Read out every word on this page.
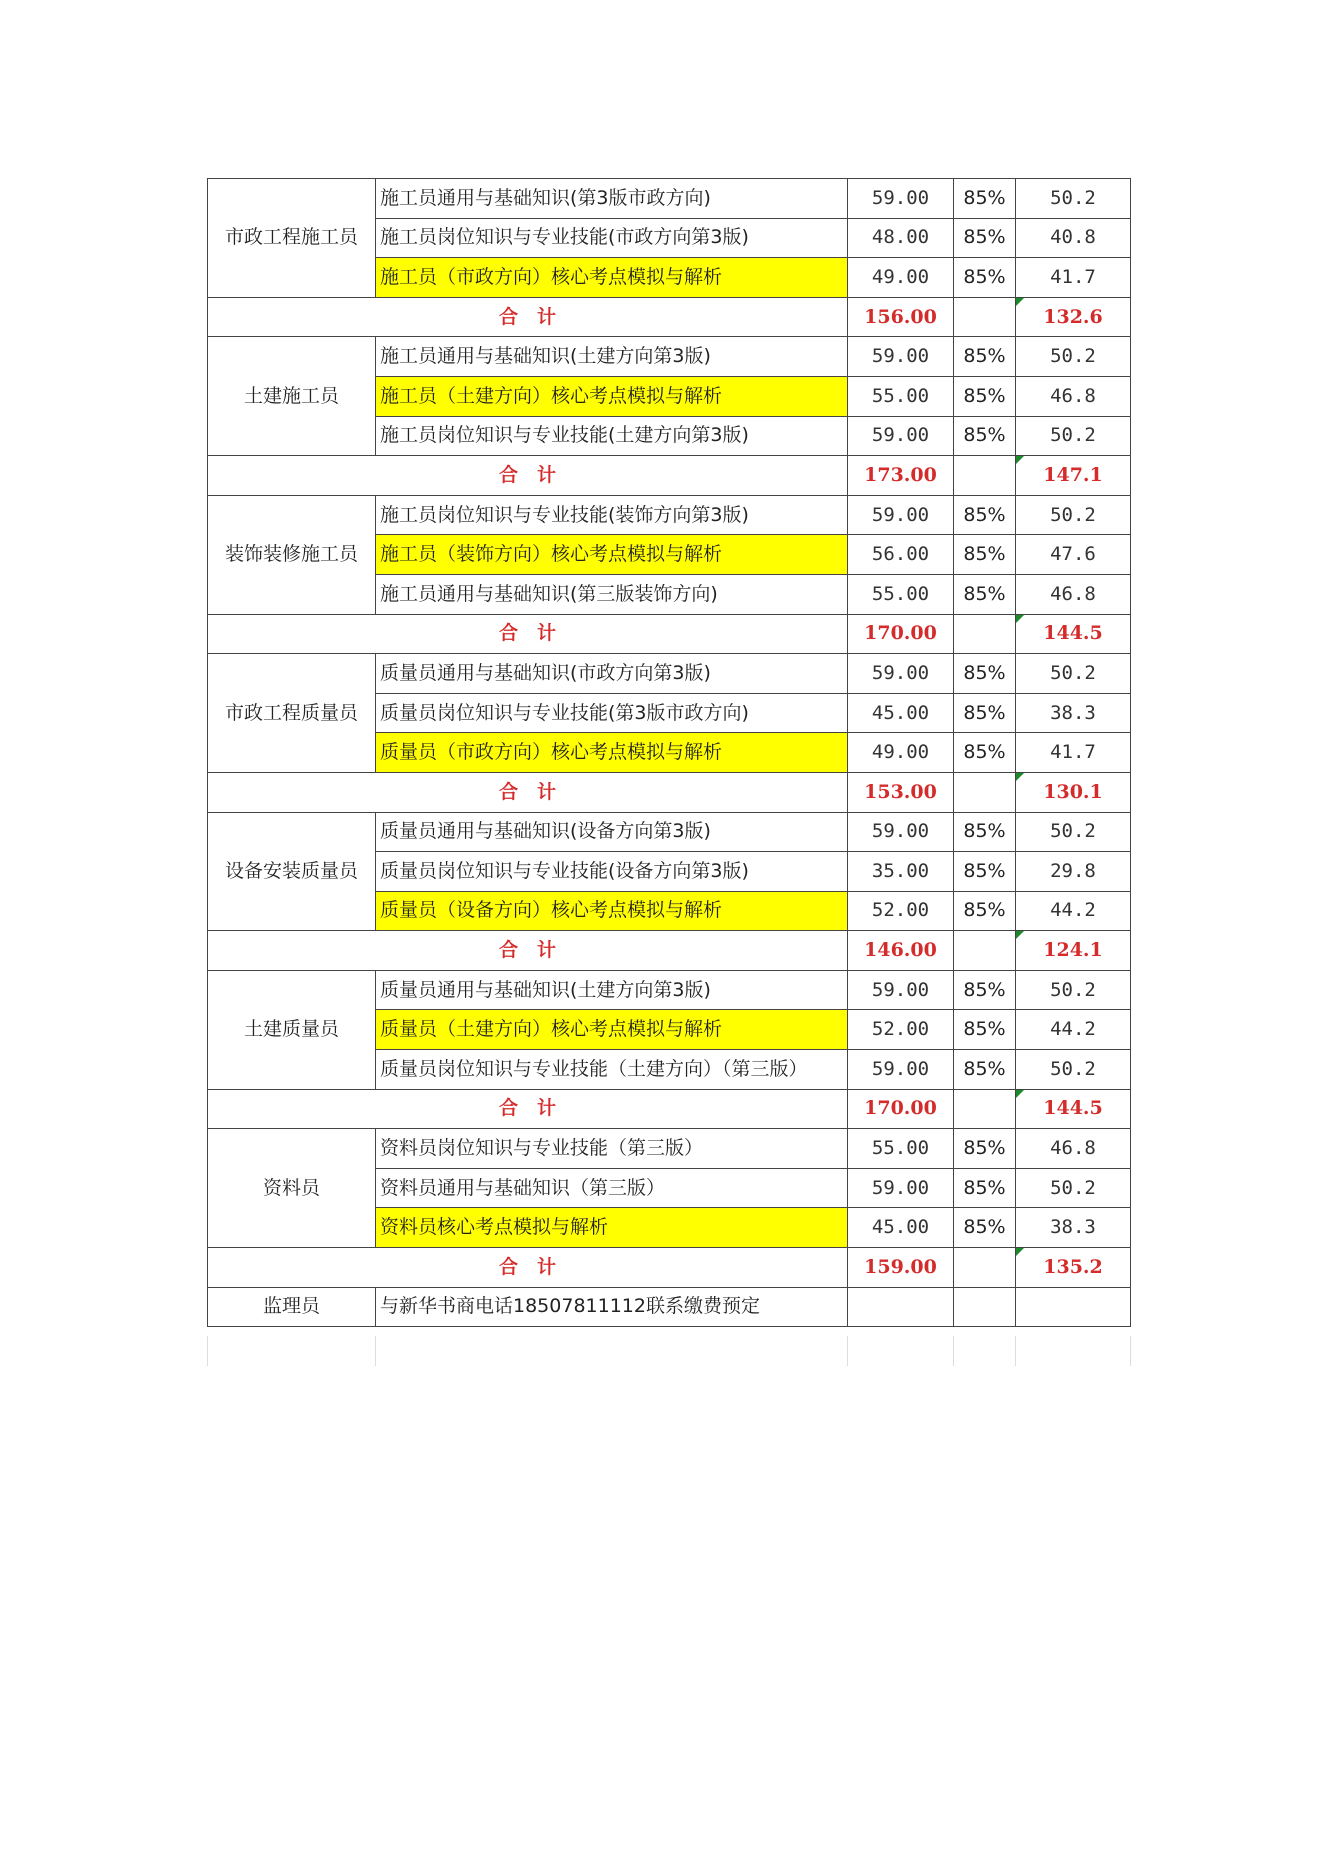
市政工程施工员	施工员通用与基础知识(第3版市政方向)	59.00	85%	50.2
	施工员岗位知识与专业技能(市政方向第3版)	48.00	85%	40.8
	施工员（市政方向）核心考点模拟与解析	49.00	85%	41.7
合　计		156.00		132.6
土建施工员	施工员通用与基础知识(土建方向第3版)	59.00	85%	50.2
	施工员（土建方向）核心考点模拟与解析	55.00	85%	46.8
	施工员岗位知识与专业技能(土建方向第3版)	59.00	85%	50.2
合　计		173.00		147.1
装饰装修施工员	施工员岗位知识与专业技能(装饰方向第3版)	59.00	85%	50.2
	施工员（装饰方向）核心考点模拟与解析	56.00	85%	47.6
	施工员通用与基础知识(第三版装饰方向)	55.00	85%	46.8
合　计		170.00		144.5
市政工程质量员	质量员通用与基础知识(市政方向第3版)	59.00	85%	50.2
	质量员岗位知识与专业技能(第3版市政方向)	45.00	85%	38.3
	质量员（市政方向）核心考点模拟与解析	49.00	85%	41.7
合　计		153.00		130.1
设备安装质量员	质量员通用与基础知识(设备方向第3版)	59.00	85%	50.2
	质量员岗位知识与专业技能(设备方向第3版)	35.00	85%	29.8
	质量员（设备方向）核心考点模拟与解析	52.00	85%	44.2
合　计		146.00		124.1
土建质量员	质量员通用与基础知识(土建方向第3版)	59.00	85%	50.2
	质量员（土建方向）核心考点模拟与解析	52.00	85%	44.2
	质量员岗位知识与专业技能（土建方向）（第三版）	59.00	85%	50.2
合　计		170.00		144.5
资料员	资料员岗位知识与专业技能（第三版）	55.00	85%	46.8
	资料员通用与基础知识（第三版）	59.00	85%	50.2
	资料员核心考点模拟与解析	45.00	85%	38.3
合　计		159.00		135.2
监理员	与新华书商电话18507811112联系缴费预定			
